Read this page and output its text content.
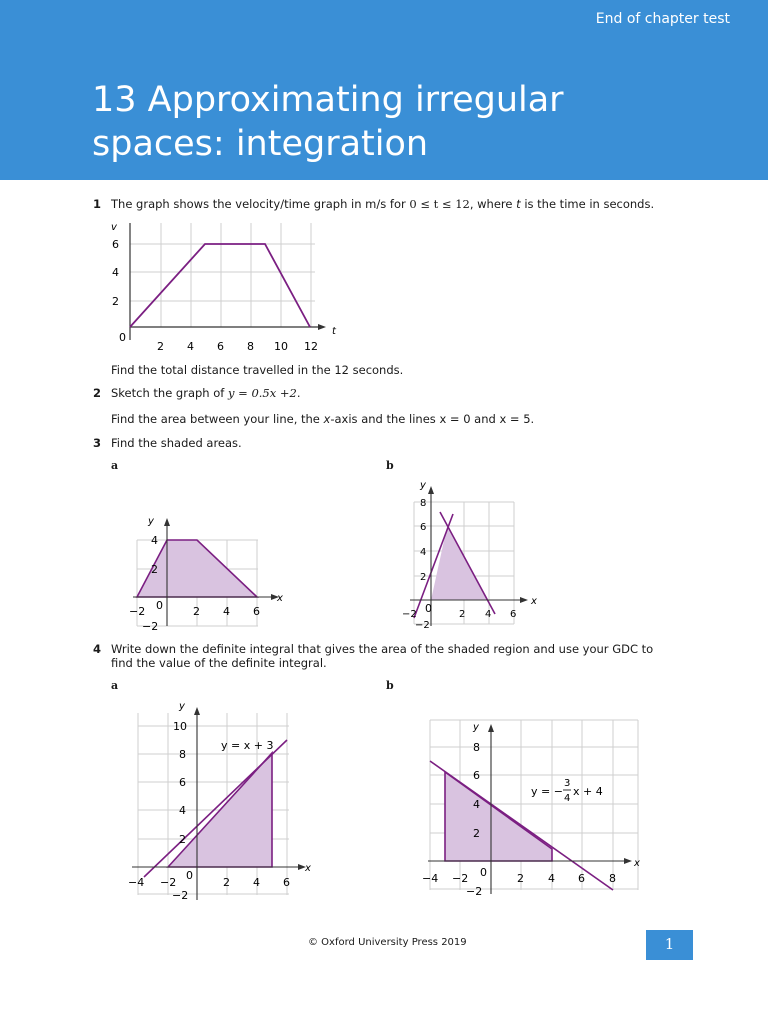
End of chapter test
13 Approximating irregular
spaces: integration
1 The graph shows the velocity/time graph in m/s for 0 ≤ t ≤ 12, where t is the time in seconds.
v
t
0
2 4 6 8 10 12
2
4
6
Find the total distance travelled in the 12 seconds.
2 Sketch the graph of y = 0.5x +2.
Find the area between your line, the x-axis and the lines x = 0 and x = 5.
3 Find the shaded areas.
a	b
y
x
0
−2	2 4 6
−2
2
4
y
x
0
−2	2 4 6
−2
2
4
6
8
4 Write down the definite integral that gives the area of the shaded region and use your GDC to
find the value of the definite integral.
a	b
y
x
y = x + 3
0
−4 −2	2 4 6
−2
2
4
6
8
10	y
x
y = −
3
4
x + 4
0
−4 −2	2 4 6 8
−2
2
4
6
8
© Oxford University Press 2019	1
